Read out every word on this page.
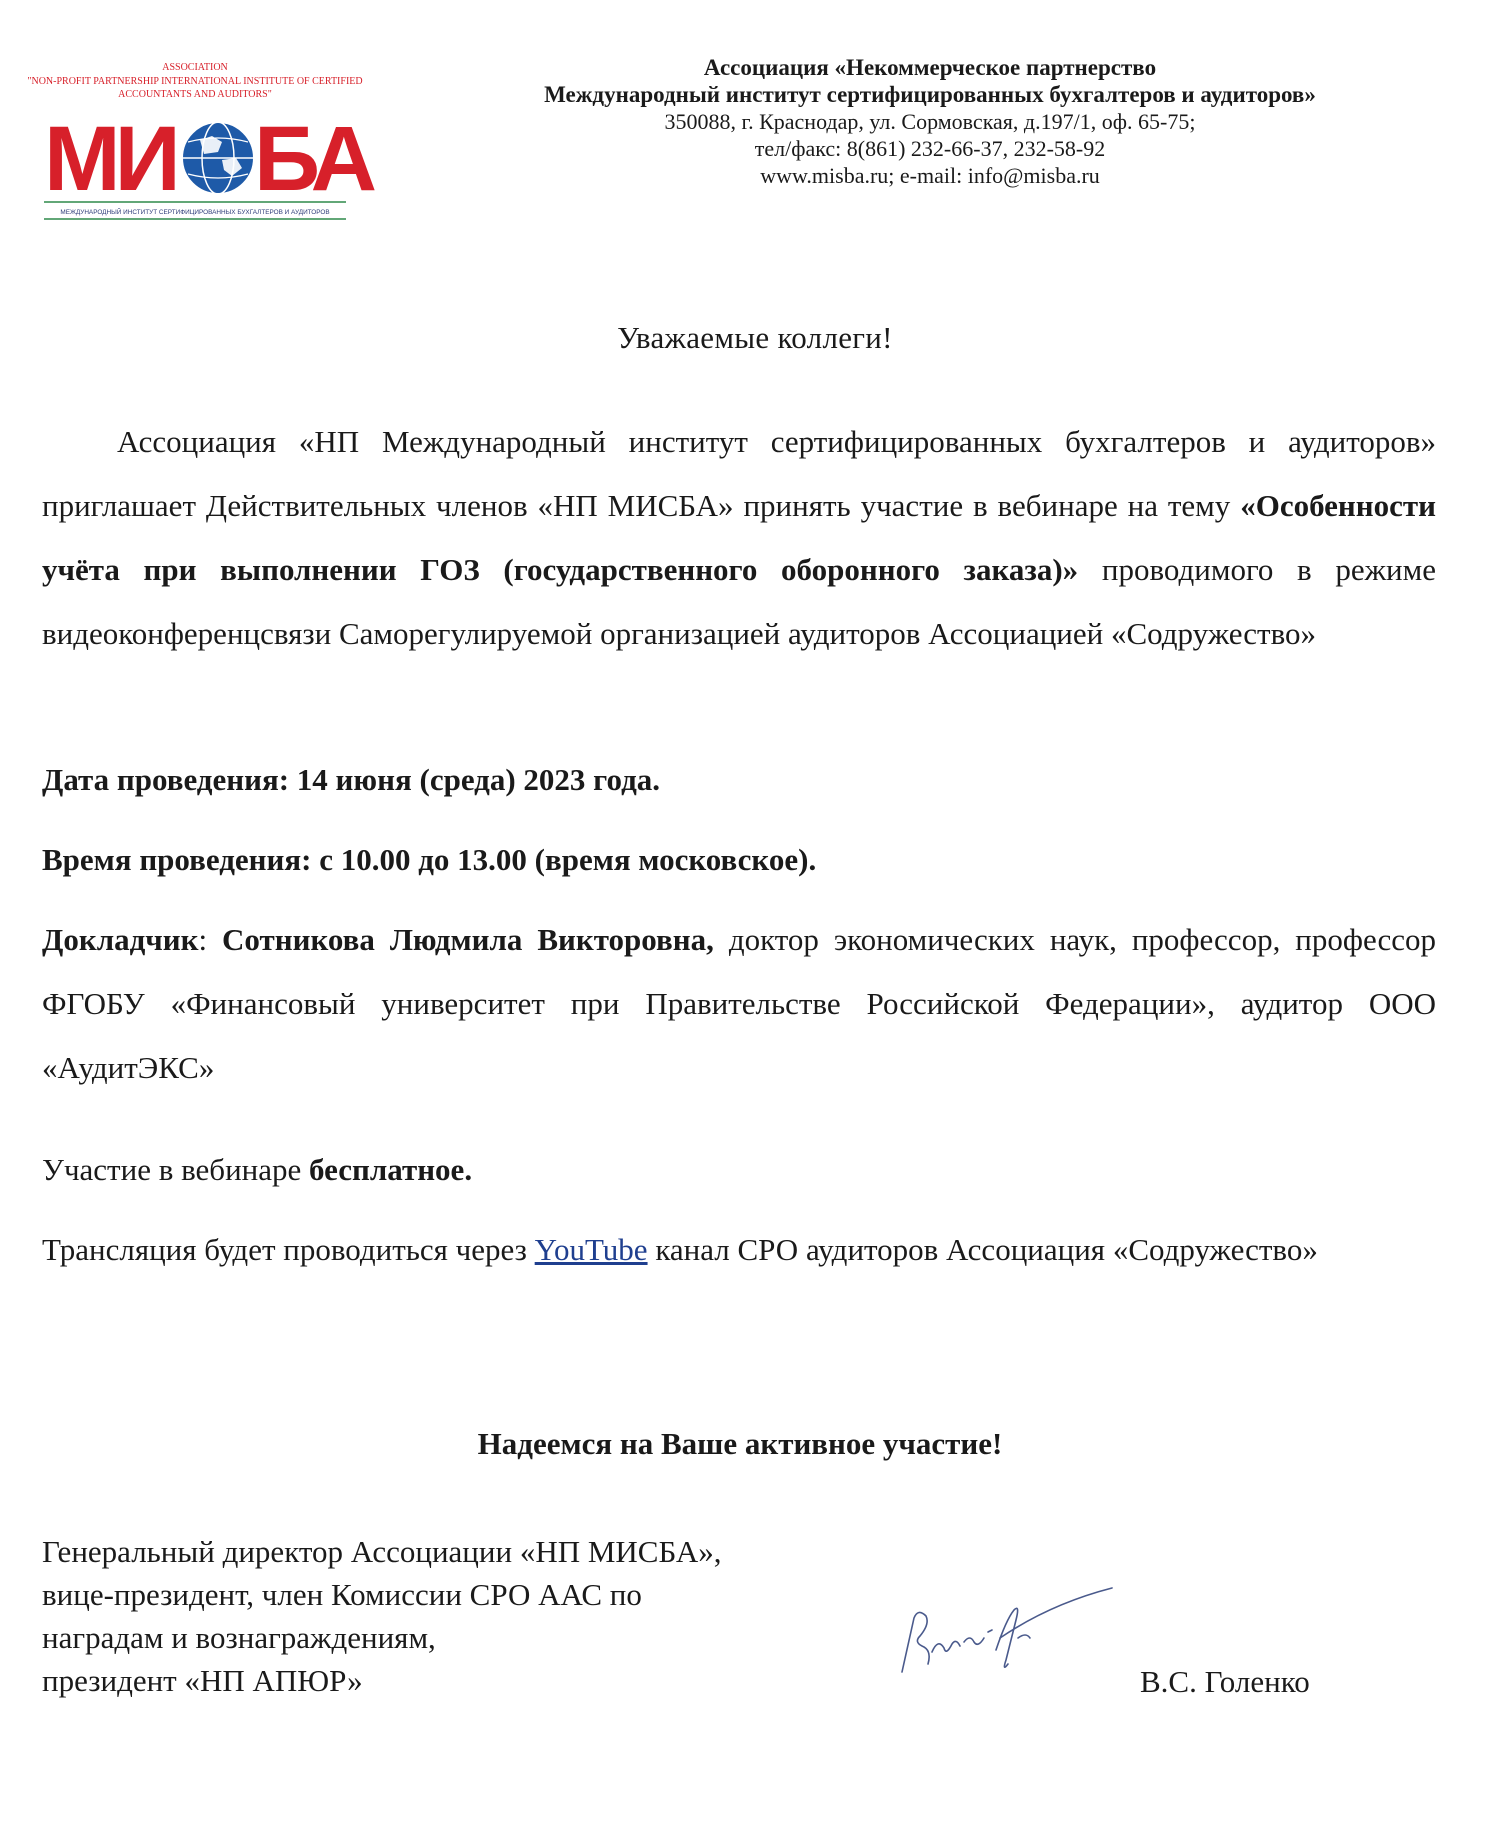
ASSOCIATION
"NON-PROFIT PARTNERSHIP INTERNATIONAL INSTITUTE OF CERTIFIED
ACCOUNTANTS AND AUDITORS"
МИ БА
МЕЖДУНАРОДНЫЙ ИНСТИТУТ СЕРТИФИЦИРОВАННЫХ БУХГАЛТЕРОВ И АУДИТОРОВ
Ассоциация «Некоммерческое партнерство
Международный институт сертифицированных бухгалтеров и аудиторов»
350088, г. Краснодар, ул. Сормовская, д.197/1, оф. 65-75;
тел/факс: 8(861) 232-66-37, 232-58-92
www.misba.ru; e-mail: info@misba.ru
Уважаемые коллеги!
Ассоциация «НП Международный институт сертифицированных бухгалтеров и аудиторов» приглашает Действительных членов «НП МИСБА» принять участие в вебинаре на тему «Особенности учёта при выполнении ГОЗ (государственного оборонного заказа)» проводимого в режиме видеоконференцсвязи Саморегулируемой организацией аудиторов Ассоциацией «Содружество»
Дата проведения: 14 июня (среда) 2023 года.
Время проведения: с 10.00 до 13.00 (время московское).
Докладчик: Сотникова Людмила Викторовна, доктор экономических наук, профессор, профессор ФГОБУ «Финансовый университет при Правительстве Российской Федерации», аудитор ООО «АудитЭКС»
Участие в вебинаре бесплатное.
Трансляция будет проводиться через YouTube канал СРО аудиторов Ассоциация «Содружество»
Надеемся на Ваше активное участие!
Генеральный директор Ассоциации «НП МИСБА»,
вице-президент, член Комиссии СРО ААС по
наградам и вознаграждениям,
президент «НП АПЮР»	В.С. Голенко
